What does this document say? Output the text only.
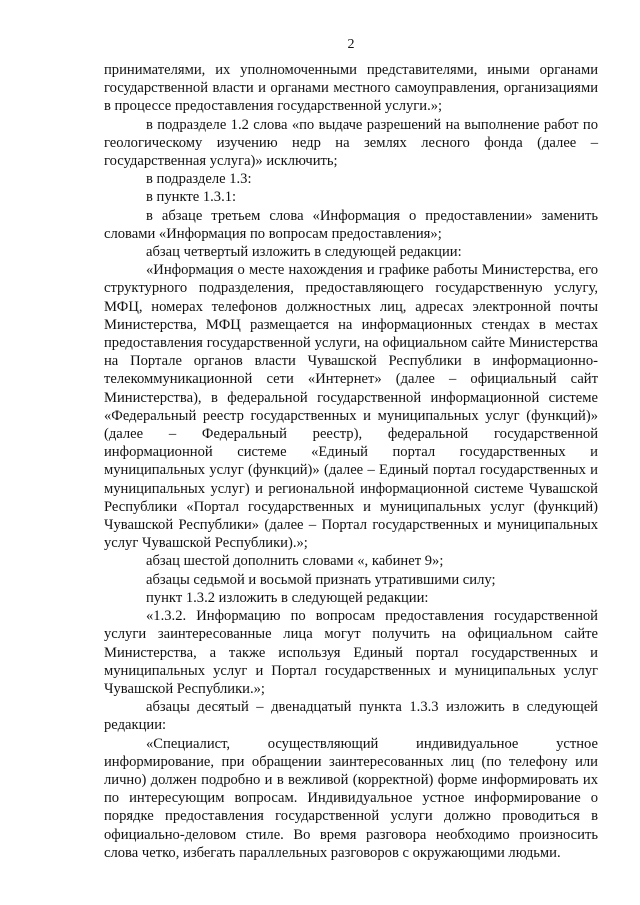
2

принимателями, их уполномоченными представителями, иными органами государственной власти и органами местного самоуправления, организациями в процессе предоставления государственной услуги.»;

в подразделе 1.2 слова «по выдаче разрешений на выполнение работ по геологическому изучению недр на землях лесного фонда (далее – государственная услуга)» исключить;

в подразделе 1.3:

в пункте 1.3.1:

в абзаце третьем слова «Информация о предоставлении» заменить словами «Информация по вопросам предоставления»;

абзац четвертый изложить в следующей редакции:

«Информация о месте нахождения и графике работы Министерства, его структурного подразделения, предоставляющего государственную услугу, МФЦ, номерах телефонов должностных лиц, адресах электронной почты Министерства, МФЦ размещается на информационных стендах в местах предоставления государственной услуги, на официальном сайте Министерства на Портале органов власти Чувашской Республики в информационно-телекоммуникационной сети «Интернет» (далее – официальный сайт Министерства), в федеральной государственной информационной системе «Федеральный реестр государственных и муниципальных услуг (функций)» (далее – Федеральный реестр), федеральной государственной информационной системе «Единый портал государственных и муниципальных услуг (функций)» (далее – Единый портал государственных и муниципальных услуг) и региональной информационной системе Чувашской Республики «Портал государственных и муниципальных услуг (функций) Чувашской Республики» (далее – Портал государственных и муниципальных услуг Чувашской Республики).»;

абзац шестой дополнить словами «, кабинет 9»;

абзацы седьмой и восьмой признать утратившими силу;

пункт 1.3.2 изложить в следующей редакции:

«1.3.2. Информацию по вопросам предоставления государственной услуги заинтересованные лица могут получить на официальном сайте Министерства, а также используя Единый портал государственных и муниципальных услуг и Портал государственных и муниципальных услуг Чувашской Республики.»;

абзацы десятый – двенадцатый пункта 1.3.3 изложить в следующей редакции:

«Специалист, осуществляющий индивидуальное устное информирование, при обращении заинтересованных лиц (по телефону или лично) должен подробно и в вежливой (корректной) форме информировать их по интересующим вопросам. Индивидуальное устное информирование о порядке предоставления государственной услуги должно проводиться в официально-деловом стиле. Во время разговора необходимо произносить слова четко, избегать параллельных разговоров с окружающими людьми.
